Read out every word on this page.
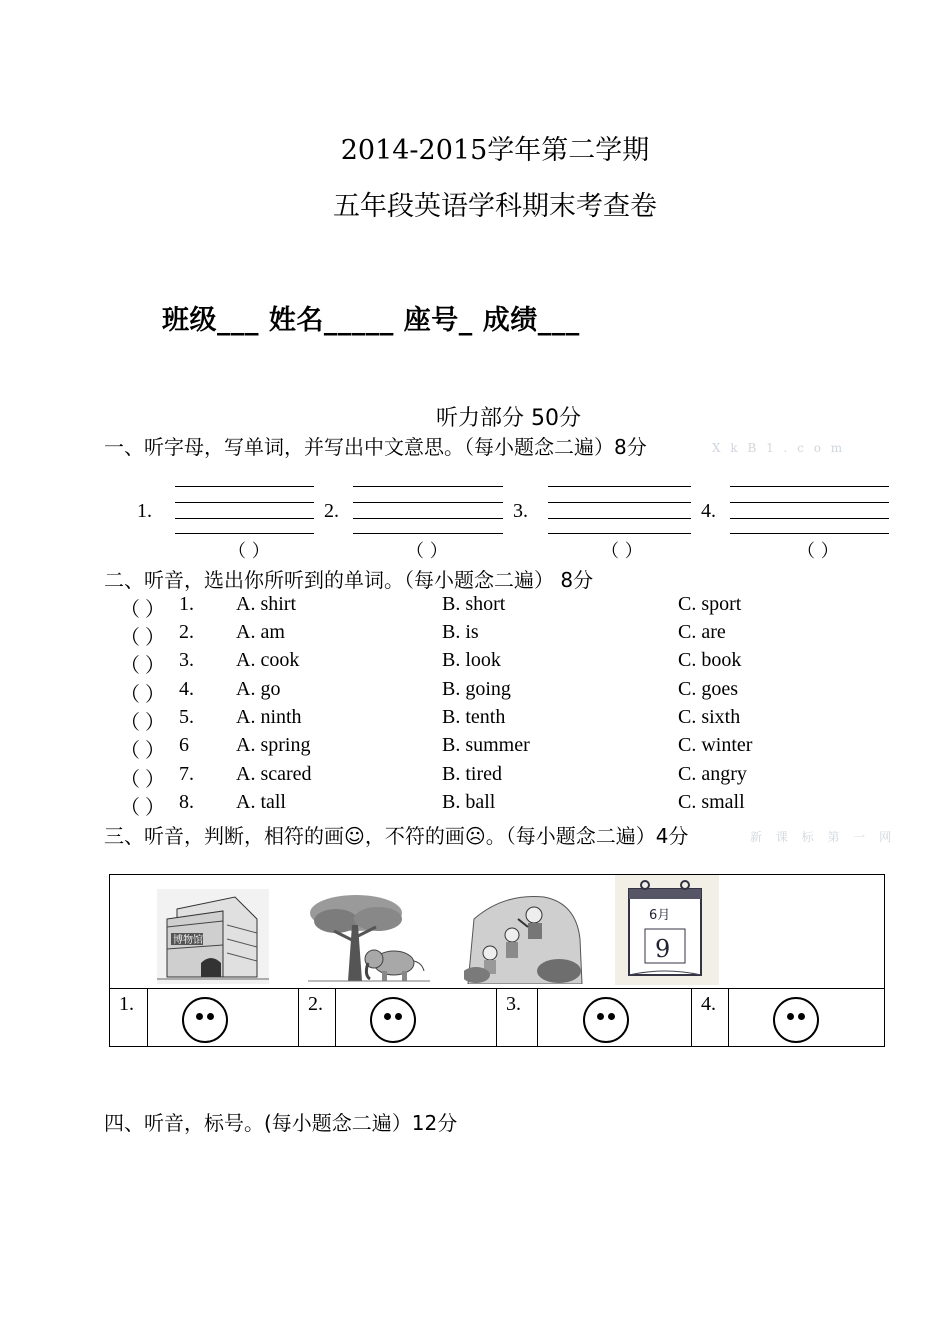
2014-2015学年第二学期
五年段英语学科期末考查卷
班级___ 姓名_____ 座号_ 成绩___
听力部分 50分
一、听字母，写单词，并写出中文意思。（每小题念二遍）8分	X k B 1 . c o m
1.	2.	3.	4.
（ ）	（ ）	（ ）	（ ）
二、听音，选出你所听到的单词。（每小题念二遍） 8分
（ ） 1. A. shirt	B. short	C. sport
（ ） 2. A. am	B. is	C. are
（ ） 3. A. cook	B. look	C. book
（ ） 4. A. go	B. going	C. goes
（ ） 5. A. ninth	B. tenth	C. sixth
（ ） 6 A. spring	B. summer	C. winter
（ ） 7. A. scared	B. tired	C. angry
（ ） 8. A. tall	B. ball	C. small
三、听音，判断，相符的画☺，不符的画☹。（每小题念二遍）4分	新 课 标 第 一 网
博物馆
6月
9

1.		2.		3.		4.	
四、听音，标号。(每小题念二遍）12分
